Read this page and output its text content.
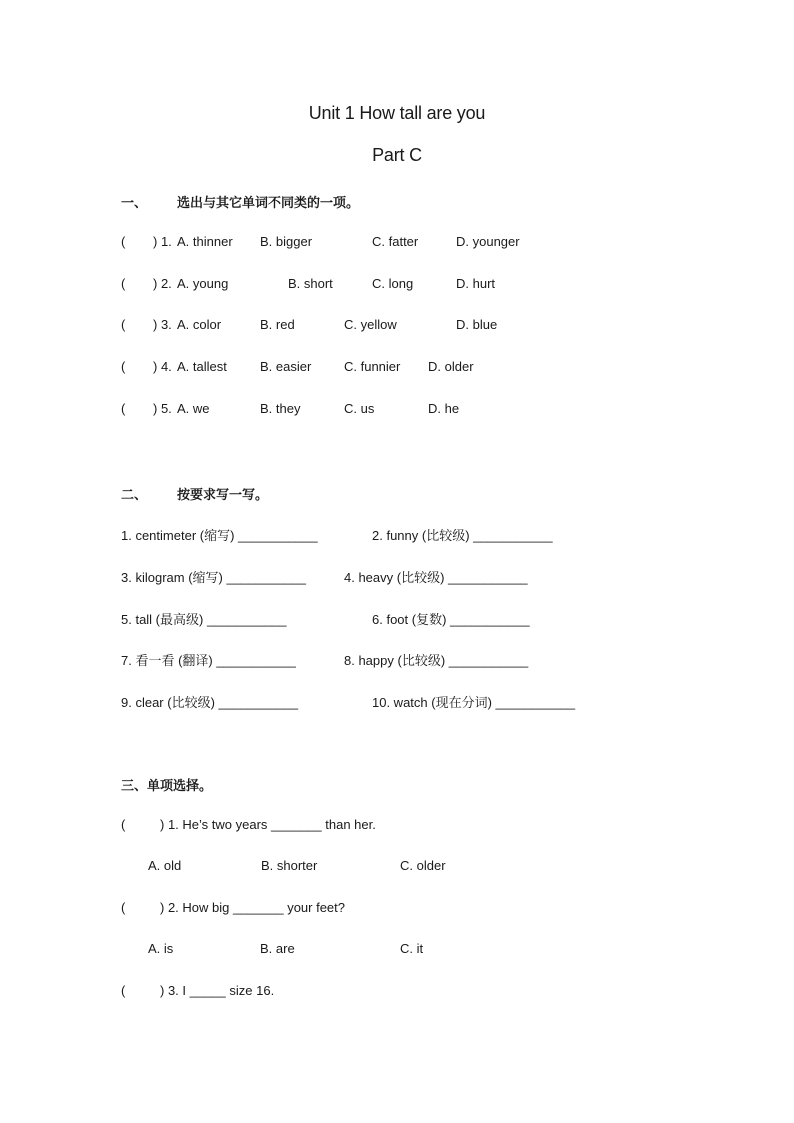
Unit 1 How tall are you
Part C
一、 选出与其它单词不同类的一项。
( ) 1. A. thinner B. bigger	C. fatter	D. younger
( ) 2. A. young	B. short	C. long	D. hurt
( ) 3. A. color	B. red	C. yellow	D. blue
( ) 4. A. tallest	B. easier	C. funnier D. older
( ) 5. A. we	B. they	C. us	D. he
二、 按要求写一写。
1. centimeter (缩写) ___________	2. funny (比较级) ___________
3. kilogram (缩写) ___________	4. heavy (比较级) ___________
5. tall (最高级) ___________	6. foot (复数) ___________
7. 看一看 (翻译) ___________	8. happy (比较级) ___________
9. clear (比较级) ___________	10. watch (现在分词) ___________
三、单项选择。
(	) 1. He’s two years _______ than her.
A. old	B. shorter	C. older
(	) 2. How big _______ your feet?
A. is	B. are	C. it
(	) 3. I _____ size 16.
